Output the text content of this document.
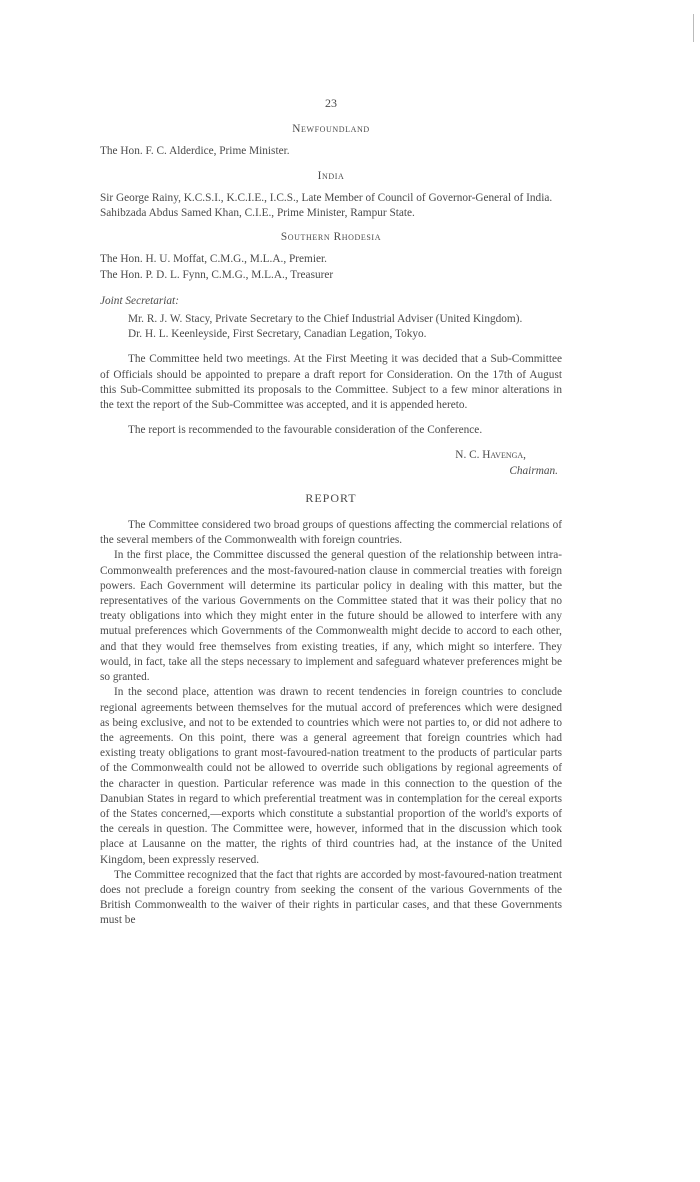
23
Newfoundland

The Hon. F. C. Alderdice, Prime Minister.

India

Sir George Rainy, K.C.S.I., K.C.I.E., I.C.S., Late Member of Council of Governor-General of India.

Sahibzada Abdus Samed Khan, C.I.E., Prime Minister, Rampur State.

Southern Rhodesia

The Hon. H. U. Moffat, C.M.G., M.L.A., Premier.

The Hon. P. D. L. Fynn, C.M.G., M.L.A., Treasurer

Joint Secretariat:

Mr. R. J. W. Stacy, Private Secretary to the Chief Industrial Adviser (United Kingdom).

Dr. H. L. Keenleyside, First Secretary, Canadian Legation, Tokyo.

The Committee held two meetings. At the First Meeting it was decided that a Sub-Committee of Officials should be appointed to prepare a draft report for Consideration. On the 17th of August this Sub-Committee submitted its proposals to the Committee. Subject to a few minor alterations in the text the report of the Sub-Committee was accepted, and it is appended hereto.

The report is recommended to the favourable consideration of the Conference.

N. C. Havenga,
Chairman.
REPORT

The Committee considered two broad groups of questions affecting the commercial relations of the several members of the Commonwealth with foreign countries.

In the first place, the Committee discussed the general question of the relationship between intra-Commonwealth preferences and the most-favoured-nation clause in commercial treaties with foreign powers. Each Government will determine its particular policy in dealing with this matter, but the representatives of the various Governments on the Committee stated that it was their policy that no treaty obligations into which they might enter in the future should be allowed to interfere with any mutual preferences which Governments of the Commonwealth might decide to accord to each other, and that they would free themselves from existing treaties, if any, which might so interfere. They would, in fact, take all the steps necessary to implement and safeguard whatever preferences might be so granted.

In the second place, attention was drawn to recent tendencies in foreign countries to conclude regional agreements between themselves for the mutual accord of preferences which were designed as being exclusive, and not to be extended to countries which were not parties to, or did not adhere to the agreements. On this point, there was a general agreement that foreign countries which had existing treaty obligations to grant most-favoured-nation treatment to the products of particular parts of the Commonwealth could not be allowed to override such obligations by regional agreements of the character in question. Particular reference was made in this connection to the question of the Danubian States in regard to which preferential treatment was in contemplation for the cereal exports of the States concerned,—exports which constitute a substantial proportion of the world's exports of the cereals in question. The Committee were, however, informed that in the discussion which took place at Lausanne on the matter, the rights of third countries had, at the instance of the United Kingdom, been expressly reserved.

The Committee recognized that the fact that rights are accorded by most-favoured-nation treatment does not preclude a foreign country from seeking the consent of the various Governments of the British Commonwealth to the waiver of their rights in particular cases, and that these Governments must be
